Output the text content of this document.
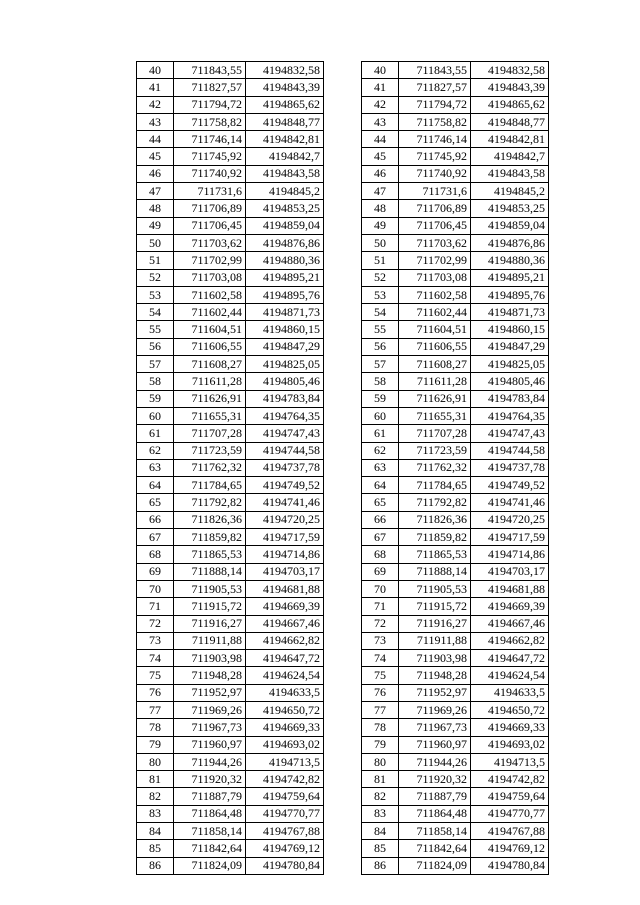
40	711843,55	4194832,58
41	711827,57	4194843,39
42	711794,72	4194865,62
43	711758,82	4194848,77
44	711746,14	4194842,81
45	711745,92	4194842,7
46	711740,92	4194843,58
47	711731,6	4194845,2
48	711706,89	4194853,25
49	711706,45	4194859,04
50	711703,62	4194876,86
51	711702,99	4194880,36
52	711703,08	4194895,21
53	711602,58	4194895,76
54	711602,44	4194871,73
55	711604,51	4194860,15
56	711606,55	4194847,29
57	711608,27	4194825,05
58	711611,28	4194805,46
59	711626,91	4194783,84
60	711655,31	4194764,35
61	711707,28	4194747,43
62	711723,59	4194744,58
63	711762,32	4194737,78
64	711784,65	4194749,52
65	711792,82	4194741,46
66	711826,36	4194720,25
67	711859,82	4194717,59
68	711865,53	4194714,86
69	711888,14	4194703,17
70	711905,53	4194681,88
71	711915,72	4194669,39
72	711916,27	4194667,46
73	711911,88	4194662,82
74	711903,98	4194647,72
75	711948,28	4194624,54
76	711952,97	4194633,5
77	711969,26	4194650,72
78	711967,73	4194669,33
79	711960,97	4194693,02
80	711944,26	4194713,5
81	711920,32	4194742,82
82	711887,79	4194759,64
83	711864,48	4194770,77
84	711858,14	4194767,88
85	711842,64	4194769,12
86	711824,09	4194780,84
40	711843,55	4194832,58
41	711827,57	4194843,39
42	711794,72	4194865,62
43	711758,82	4194848,77
44	711746,14	4194842,81
45	711745,92	4194842,7
46	711740,92	4194843,58
47	711731,6	4194845,2
48	711706,89	4194853,25
49	711706,45	4194859,04
50	711703,62	4194876,86
51	711702,99	4194880,36
52	711703,08	4194895,21
53	711602,58	4194895,76
54	711602,44	4194871,73
55	711604,51	4194860,15
56	711606,55	4194847,29
57	711608,27	4194825,05
58	711611,28	4194805,46
59	711626,91	4194783,84
60	711655,31	4194764,35
61	711707,28	4194747,43
62	711723,59	4194744,58
63	711762,32	4194737,78
64	711784,65	4194749,52
65	711792,82	4194741,46
66	711826,36	4194720,25
67	711859,82	4194717,59
68	711865,53	4194714,86
69	711888,14	4194703,17
70	711905,53	4194681,88
71	711915,72	4194669,39
72	711916,27	4194667,46
73	711911,88	4194662,82
74	711903,98	4194647,72
75	711948,28	4194624,54
76	711952,97	4194633,5
77	711969,26	4194650,72
78	711967,73	4194669,33
79	711960,97	4194693,02
80	711944,26	4194713,5
81	711920,32	4194742,82
82	711887,79	4194759,64
83	711864,48	4194770,77
84	711858,14	4194767,88
85	711842,64	4194769,12
86	711824,09	4194780,84
